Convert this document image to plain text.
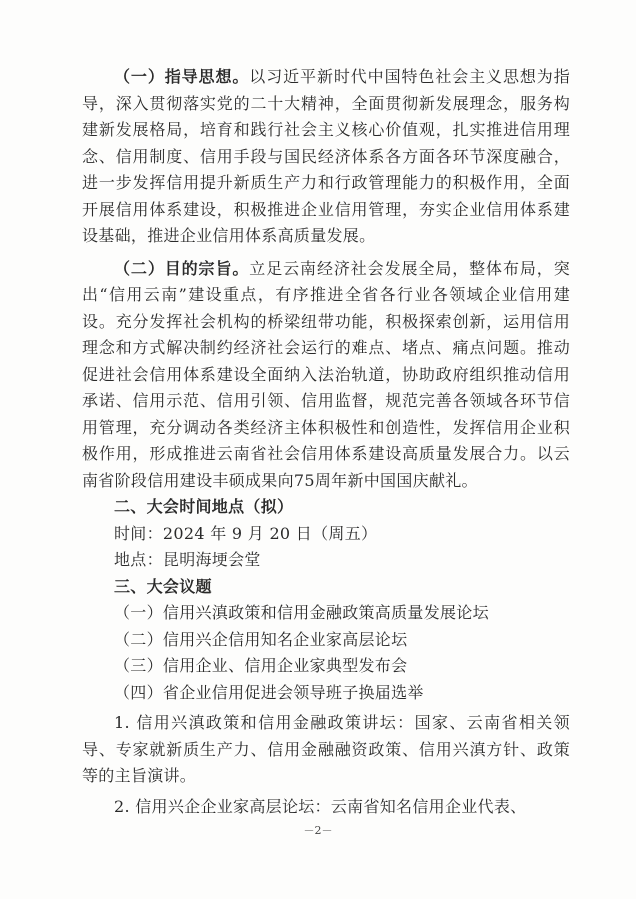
（一）指导思想。以习近平新时代中国特色社会主义思想为指导，深入贯彻落实党的二十大精神，全面贯彻新发展理念，服务构建新发展格局，培育和践行社会主义核心价值观，扎实推进信用理念、信用制度、信用手段与国民经济体系各方面各环节深度融合，进一步发挥信用提升新质生产力和行政管理能力的积极作用，全面开展信用体系建设，积极推进企业信用管理，夯实企业信用体系建设基础，推进企业信用体系高质量发展。

（二）目的宗旨。立足云南经济社会发展全局，整体布局，突出“信用云南”建设重点，有序推进全省各行业各领域企业信用建设。充分发挥社会机构的桥梁纽带功能，积极探索创新，运用信用理念和方式解决制约经济社会运行的难点、堵点、痛点问题。推动促进社会信用体系建设全面纳入法治轨道，协助政府组织推动信用承诺、信用示范、信用引领、信用监督，规范完善各领域各环节信用管理，充分调动各类经济主体积极性和创造性，发挥信用企业积极作用，形成推进云南省社会信用体系建设高质量发展合力。以云南省阶段信用建设丰硕成果向75周年新中国国庆献礼。

二、大会时间地点（拟）

时间：2024 年 9 月 20 日（周五）

地点：昆明海埂会堂

三、大会议题

（一）信用兴滇政策和信用金融政策高质量发展论坛

（二）信用兴企信用知名企业家高层论坛

（三）信用企业、信用企业家典型发布会

（四）省企业信用促进会领导班子换届选举

1. 信用兴滇政策和信用金融政策讲坛：国家、云南省相关领导、专家就新质生产力、信用金融融资政策、信用兴滇方针、政策等的主旨演讲。

2. 信用兴企企业家高层论坛：云南省知名信用企业代表、

－2－
